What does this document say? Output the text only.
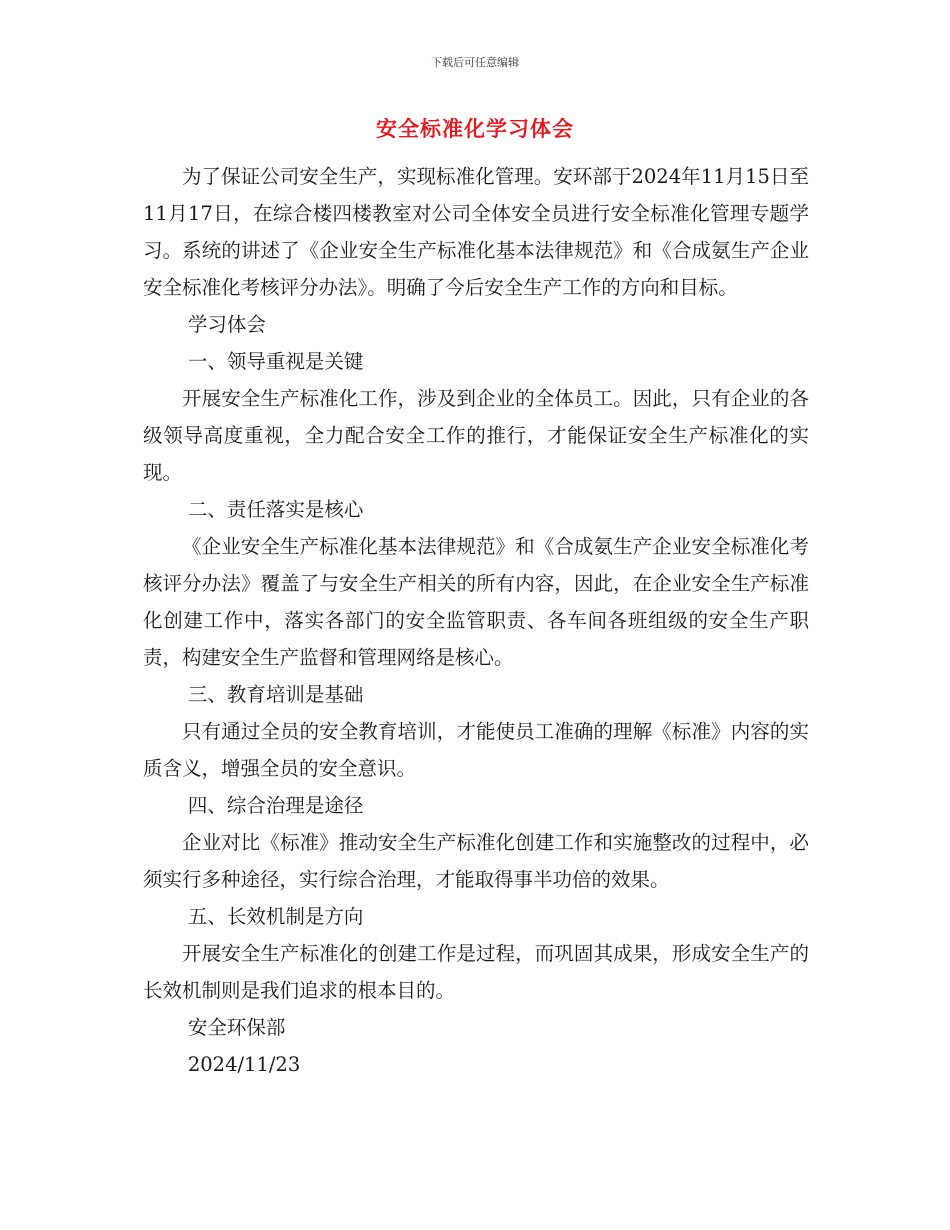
下载后可任意编辑
安全标准化学习体会

为了保证公司安全生产，实现标准化管理。安环部于2024年11月15日至11月17日，在综合楼四楼教室对公司全体安全员进行安全标准化管理专题学习。系统的讲述了《企业安全生产标准化基本法律规范》和《合成氨生产企业安全标准化考核评分办法》。明确了今后安全生产工作的方向和目标。

学习体会

一、领导重视是关键

开展安全生产标准化工作，涉及到企业的全体员工。因此，只有企业的各级领导高度重视，全力配合安全工作的推行，才能保证安全生产标准化的实现。

二、责任落实是核心

《企业安全生产标准化基本法律规范》和《合成氨生产企业安全标准化考核评分办法》覆盖了与安全生产相关的所有内容，因此，在企业安全生产标准化创建工作中，落实各部门的安全监管职责、各车间各班组级的安全生产职责，构建安全生产监督和管理网络是核心。

三、教育培训是基础

只有通过全员的安全教育培训，才能使员工准确的理解《标准》内容的实质含义，增强全员的安全意识。

四、综合治理是途径

企业对比《标准》推动安全生产标准化创建工作和实施整改的过程中，必须实行多种途径，实行综合治理，才能取得事半功倍的效果。

五、长效机制是方向

开展安全生产标准化的创建工作是过程，而巩固其成果，形成安全生产的长效机制则是我们追求的根本目的。

安全环保部

2024/11/23
